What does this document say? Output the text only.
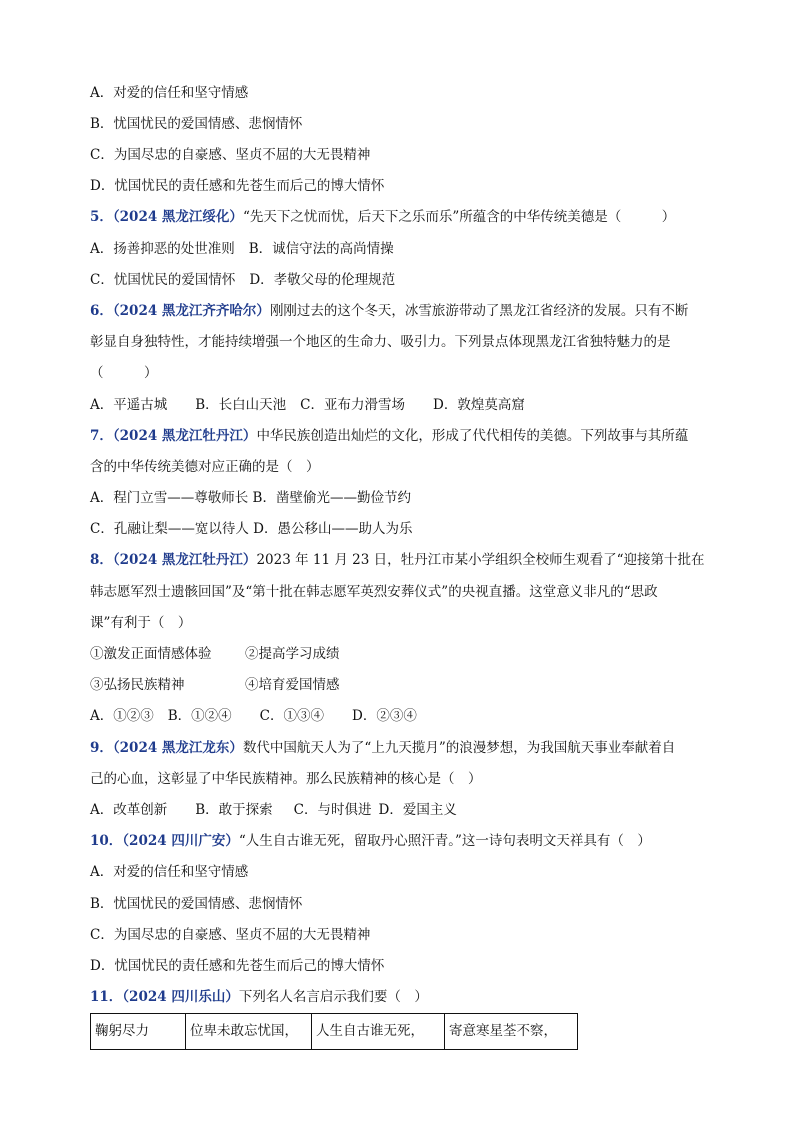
A．对爱的信任和坚守情感
B．忧国忧民的爱国情感、悲悯情怀
C．为国尽忠的自豪感、坚贞不屈的大无畏精神
D．忧国忧民的责任感和先苍生而后己的博大情怀
5．（2024 黑龙江绥化）“先天下之忧而忧，后天下之乐而乐”所蕴含的中华传统美德是（　　　）
A．扬善抑恶的处世准则 B．诚信守法的高尚情操
C．忧国忧民的爱国情怀 D．孝敬父母的伦理规范
6．（2024 黑龙江齐齐哈尔）刚刚过去的这个冬天，冰雪旅游带动了黑龙江省经济的发展。只有不断
彰显自身独特性，才能持续增强一个地区的生命力、吸引力。下列景点体现黑龙江省独特魅力的是
（　　　）
A．平遥古城 B．长白山天池 C．亚布力滑雪场 D．敦煌莫高窟
7．（2024 黑龙江牡丹江）中华民族创造出灿烂的文化，形成了代代相传的美德。下列故事与其所蕴
含的中华传统美德对应正确的是（　）
A．程门立雪——尊敬师长 B．凿壁偷光——勤俭节约
C．孔融让梨——宽以待人 D．愚公移山——助人为乐
8．（2024 黑龙江牡丹江）2023 年 11 月 23 日，牡丹江市某小学组织全校师生观看了“迎接第十批在
韩志愿军烈士遗骸回国”及“第十批在韩志愿军英烈安葬仪式”的央视直播。这堂意义非凡的“思政
课”有利于（　）
①激发正面情感体验 ②提高学习成绩
③弘扬民族精神	④培育爱国情感
A．①②③ B．①②④ C．①③④ D．②③④
9．（2024 黑龙江龙东）数代中国航天人为了“上九天揽月”的浪漫梦想，为我国航天事业奉献着自
己的心血，这彰显了中华民族精神。那么民族精神的核心是（　）
A．改革创新 B．敢于探索 C．与时俱进 D．爱国主义
10．（2024 四川广安）“人生自古谁无死，留取丹心照汗青。”这一诗句表明文天祥具有（　）
A．对爱的信任和坚守情感
B．忧国忧民的爱国情感、悲悯情怀
C．为国尽忠的自豪感、坚贞不屈的大无畏精神
D．忧国忧民的责任感和先苍生而后己的博大情怀
11．（2024 四川乐山）下列名人名言启示我们要（　）
鞠躬尽力	位卑未敢忘忧国，	人生自古谁无死，	寄意寒星荃不察，
